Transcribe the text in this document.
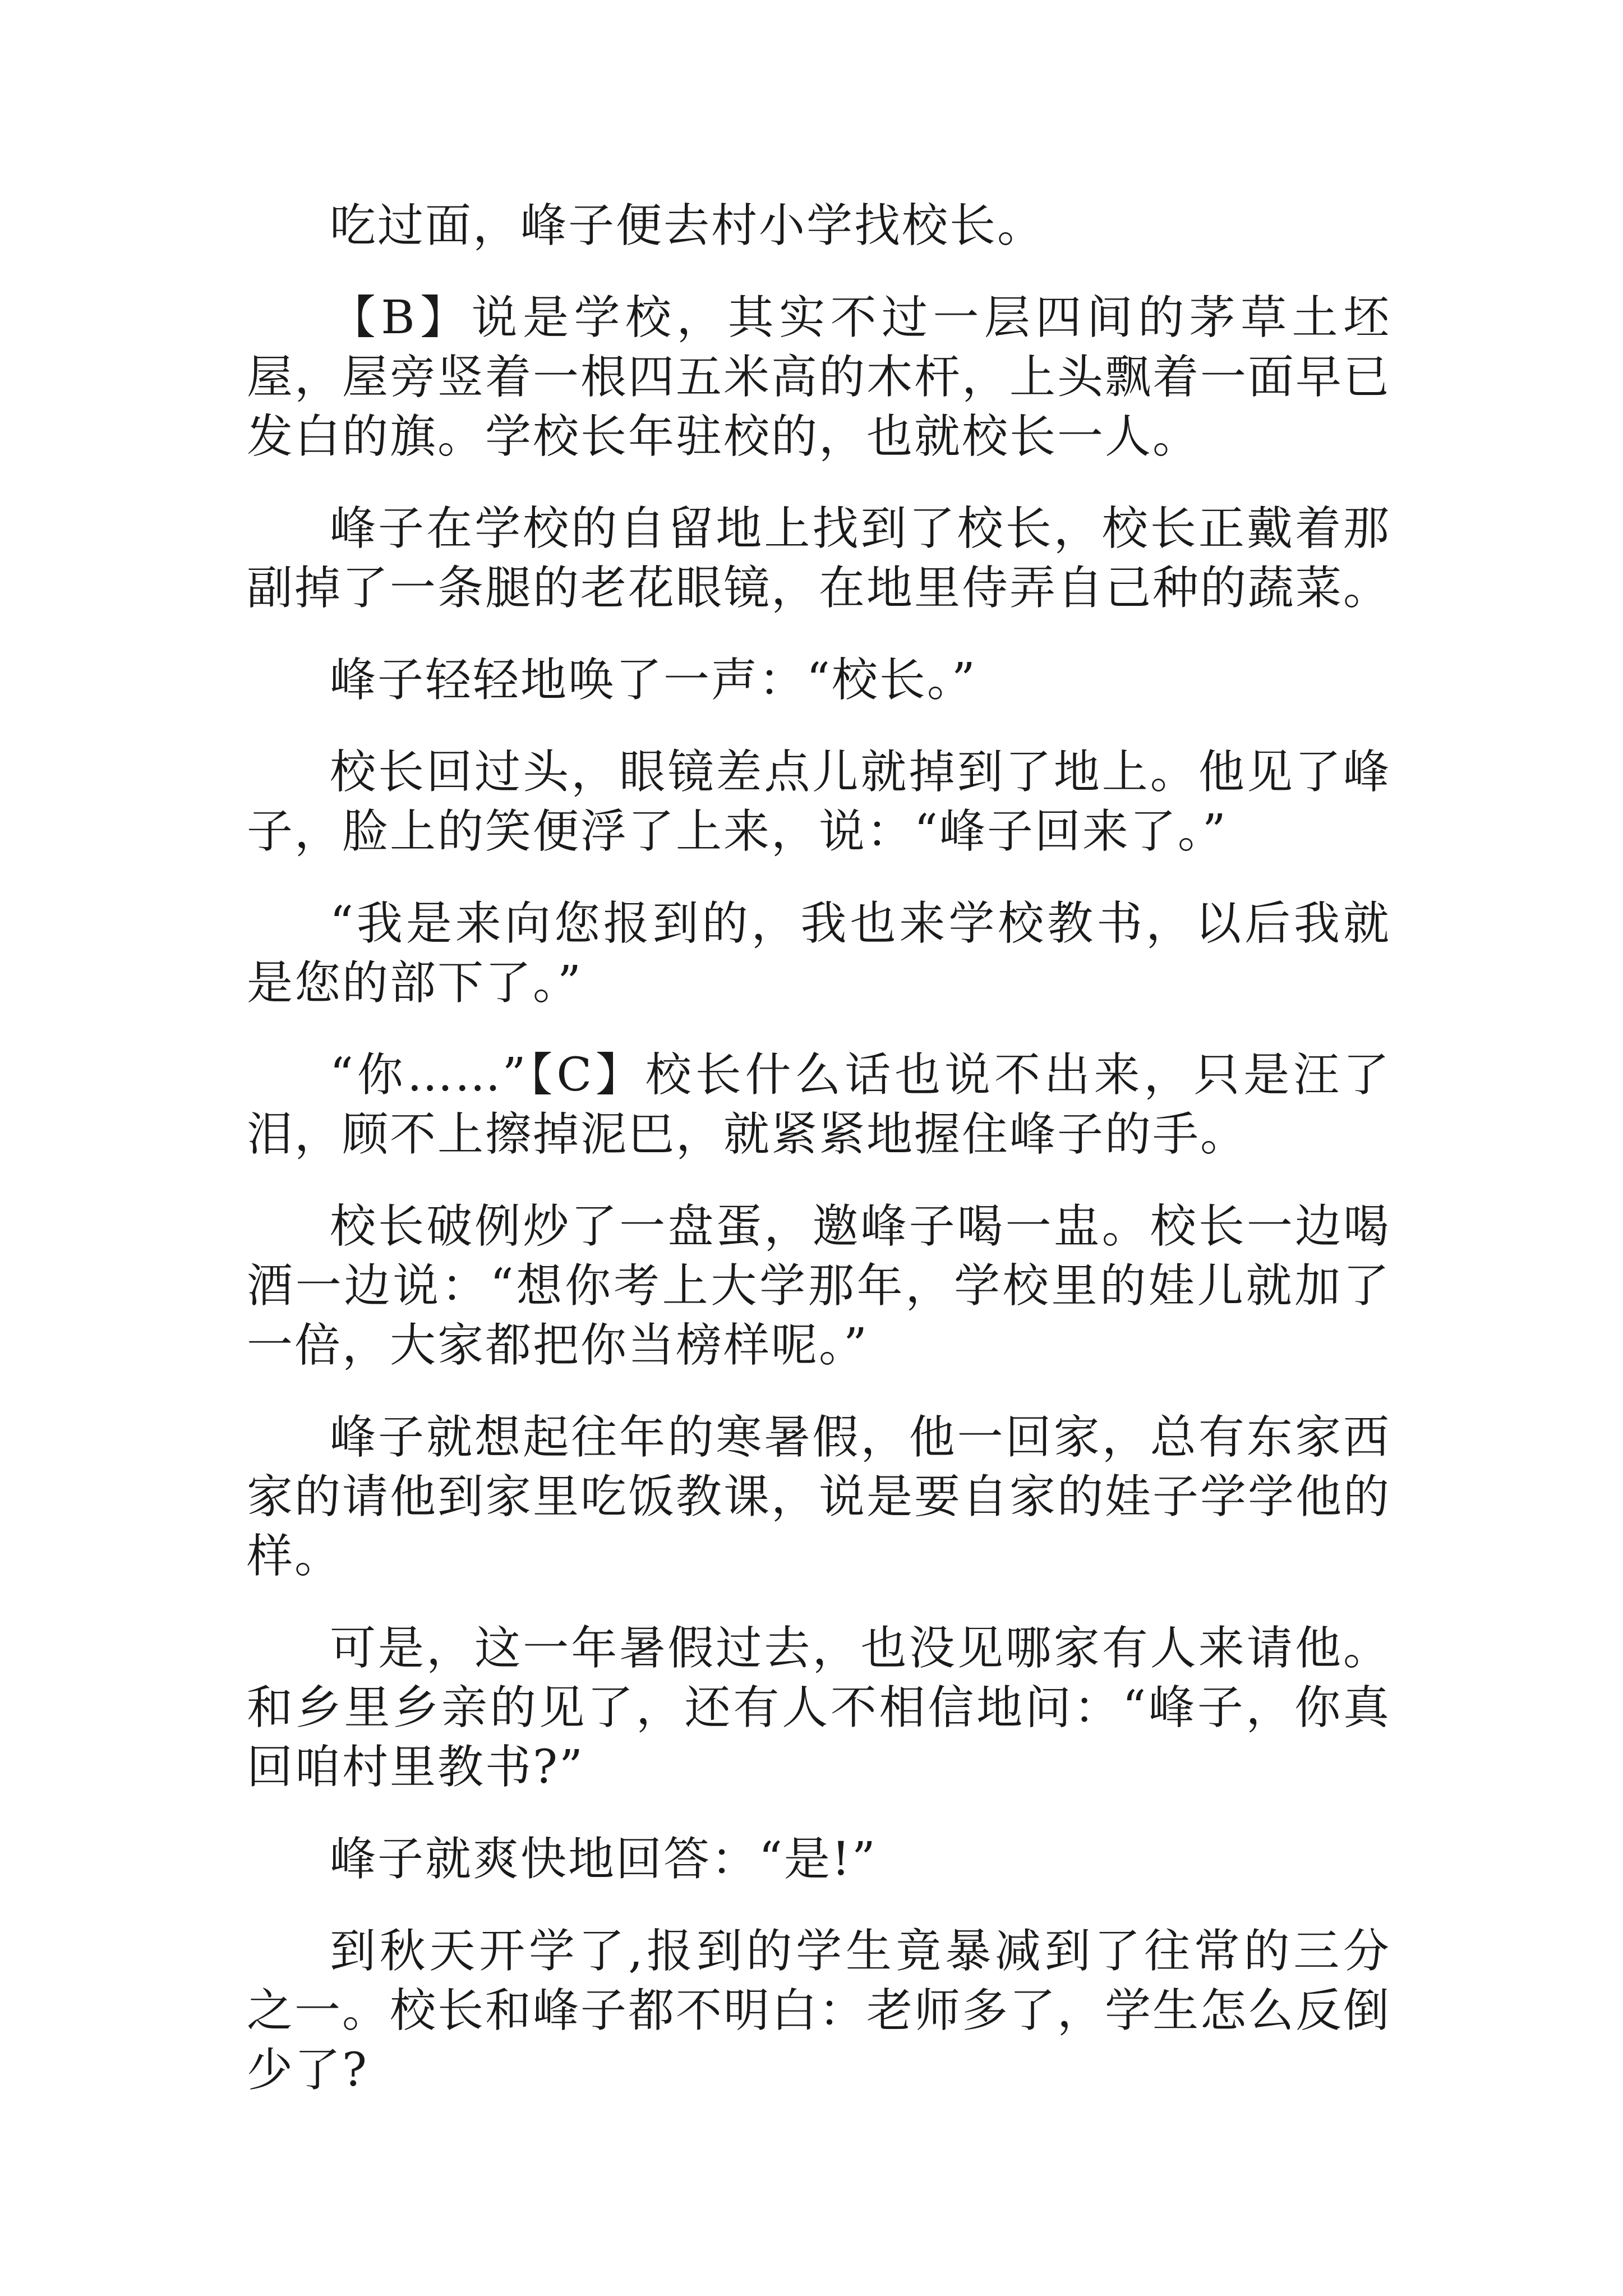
吃过面，峰子便去村小学找校长。

【B】说是学校，其实不过一层四间的茅草土坯屋，屋旁竖着一根四五米高的木杆，上头飘着一面早已发白的旗。学校长年驻校的，也就校长一人。

峰子在学校的自留地上找到了校长，校长正戴着那副掉了一条腿的老花眼镜，在地里侍弄自己种的蔬菜。

峰子轻轻地唤了一声：“校长。”

校长回过头，眼镜差点儿就掉到了地上。他见了峰子，脸上的笑便浮了上来，说：“峰子回来了。”

“我是来向您报到的，我也来学校教书，以后我就是您的部下了。”

“你……”【C】校长什么话也说不出来，只是汪了泪，顾不上擦掉泥巴，就紧紧地握住峰子的手。

校长破例炒了一盘蛋，邀峰子喝一盅。校长一边喝酒一边说：“想你考上大学那年，学校里的娃儿就加了一倍，大家都把你当榜样呢。”

峰子就想起往年的寒暑假，他一回家，总有东家西家的请他到家里吃饭教课，说是要自家的娃子学学他的样。

可是，这一年暑假过去，也没见哪家有人来请他。和乡里乡亲的见了，还有人不相信地问：“峰子，你真回咱村里教书?”

峰子就爽快地回答：“是!”

到秋天开学了,报到的学生竟暴减到了往常的三分之一。校长和峰子都不明白：老师多了，学生怎么反倒少了?
